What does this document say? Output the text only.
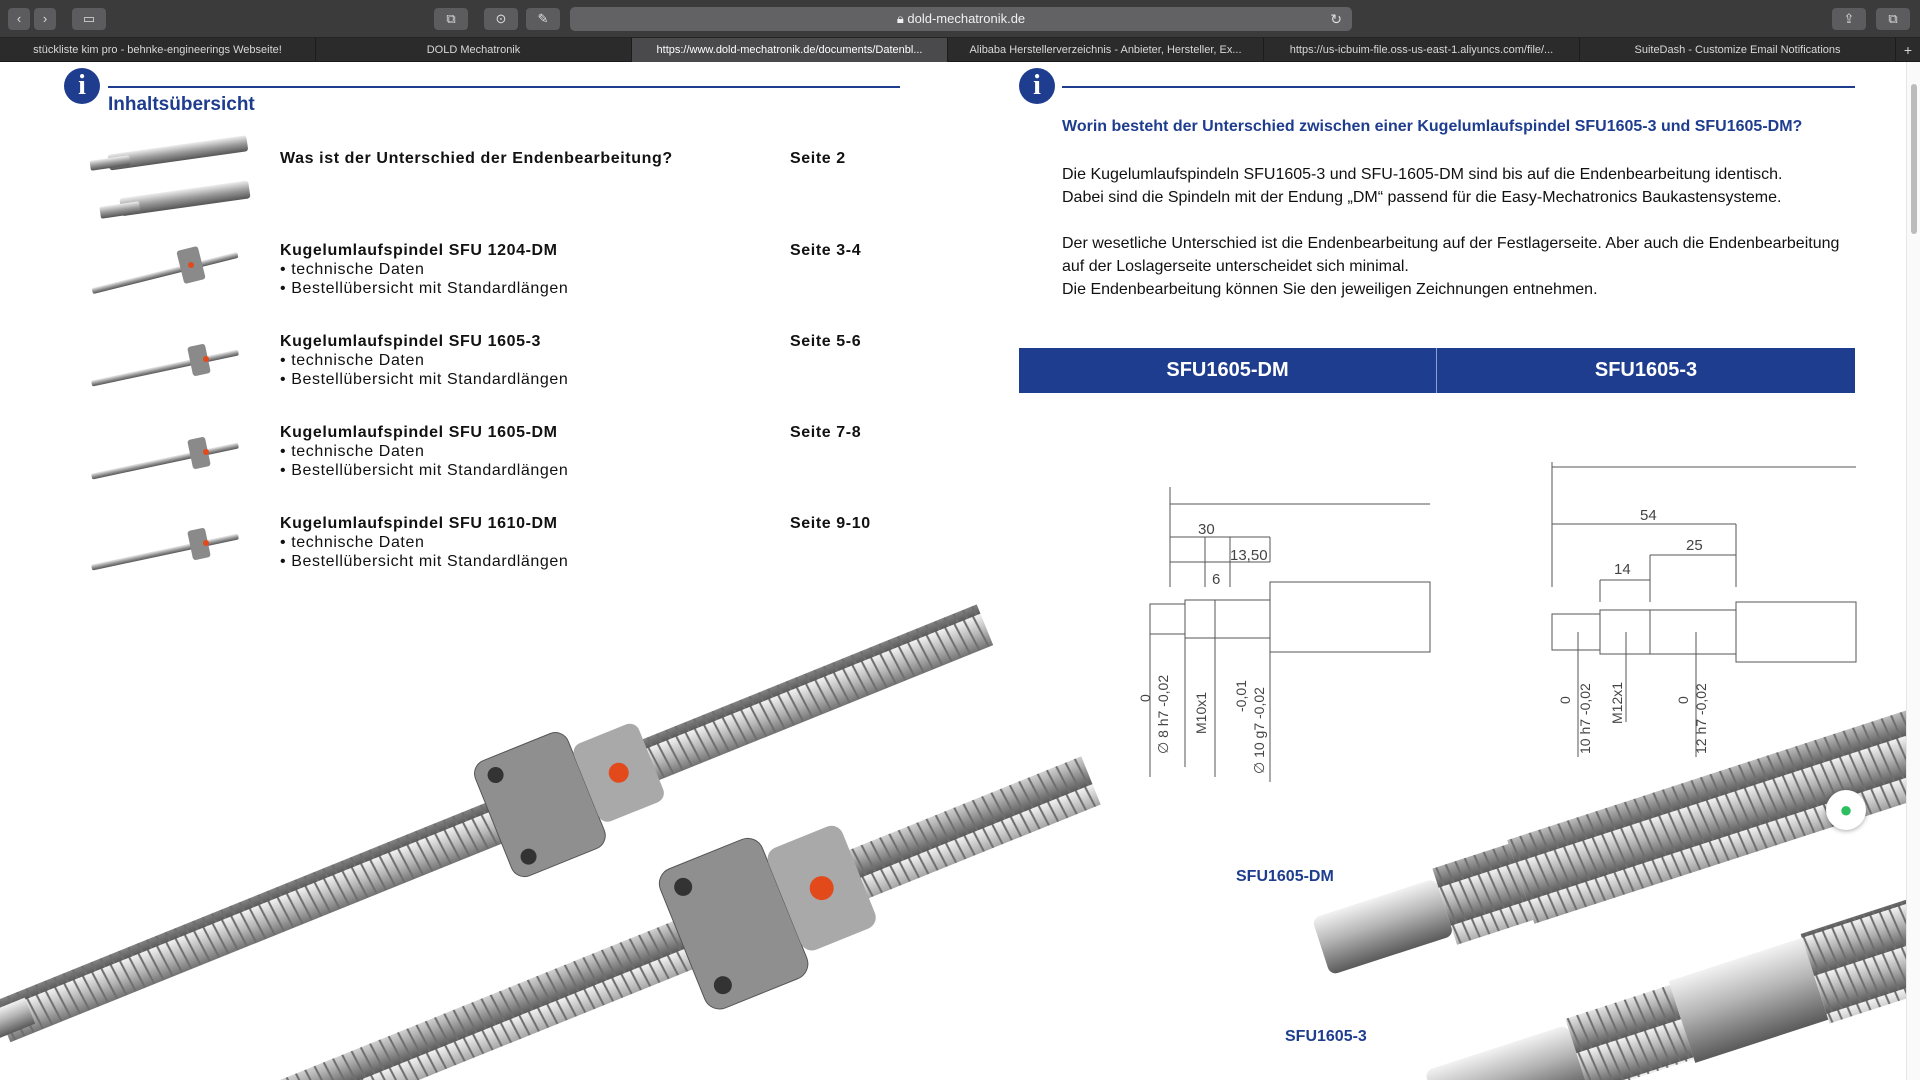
‹	›	▭	⧉	⊙	✎	🔒︎ dold-mechatronik.de	↻	⇪	⧉
stückliste kim pro - behnke-engineerings Webseite!	DOLD Mechatronik	https://www.dold-mechatronik.de/documents/Datenbl...	Alibaba Herstellerverzeichnis - Anbieter, Hersteller, Ex...	https://us-icbuim-file.oss-us-east-1.aliyuncs.com/file/...	SuiteDash - Customize Email Notifications	+
i
Inhaltsübersicht
Was ist der Unterschied der Endenbearbeitung?	Seite 2
Kugelumlaufspindel SFU 1204-DM	Seite 3-4
• technische Daten
• Bestellübersicht mit Standardlängen
Kugelumlaufspindel SFU 1605-3	Seite 5-6
• technische Daten
• Bestellübersicht mit Standardlängen
Kugelumlaufspindel SFU 1605-DM	Seite 7-8
• technische Daten
• Bestellübersicht mit Standardlängen
Kugelumlaufspindel SFU 1610-DM	Seite 9-10
• technische Daten
• Bestellübersicht mit Standardlängen
i
Worin besteht der Unterschied zwischen einer Kugelumlaufspindel SFU1605-3 und SFU1605-DM?
Die Kugelumlaufspindeln SFU1605-3 und SFU-1605-DM sind bis auf die Endenbearbeitung identisch.
Dabei sind die Spindeln mit der Endung „DM“ passend für die Easy-Mechatronics Baukastensysteme.
Der wesetliche Unterschied ist die Endenbearbeitung auf der Festlagerseite. Aber auch die Endenbearbeitung
auf der Loslagerseite unterscheidet sich minimal.
Die Endenbearbeitung können Sie den jeweiligen Zeichnungen entnehmen.
SFU1605-DM	SFU1605-3
30
13,50
6
∅ 8 h7 -0,02
0	M10x1 -0,01 ∅ 10 g7 -0,02
54
25
14
0 10 h7 -0,02 M12x1	0 12 h7 -0,02
SFU1605-DM
SFU1605-3
●
